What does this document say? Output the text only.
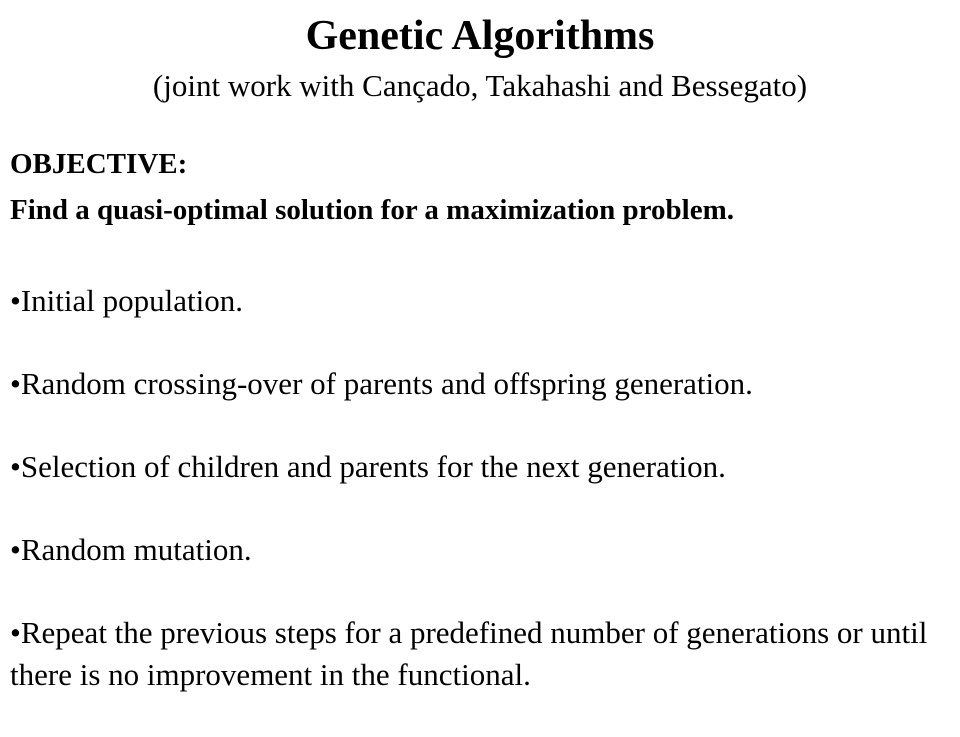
Genetic Algorithms

(joint work with Cançado, Takahashi and Bessegato)

OBJECTIVE:

Find a quasi-optimal solution for a maximization problem.

•Initial population.
•Random crossing-over of parents and offspring generation.
•Selection of children and parents for the next generation.
•Random mutation.
•Repeat the previous steps for a predefined number of generations or until there is no improvement in the functional.
